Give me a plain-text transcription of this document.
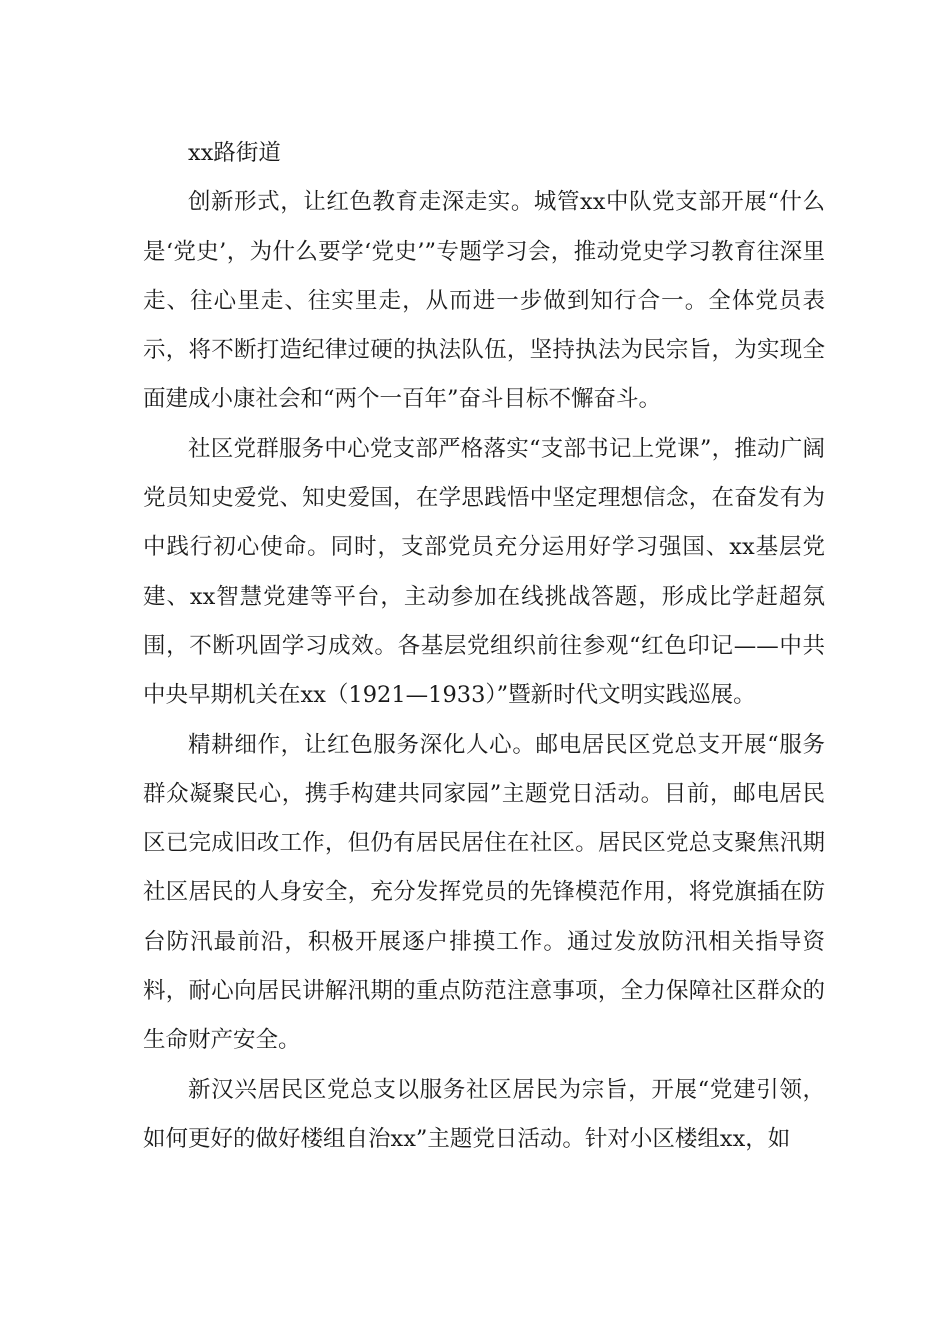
xx路街道

创新形式，让红色教育走深走实。城管xx中队党支部开展“什么是‘党史’，为什么要学‘党史’”专题学习会，推动党史学习教育往深里走、往心里走、往实里走，从而进一步做到知行合一。全体党员表示，将不断打造纪律过硬的执法队伍，坚持执法为民宗旨，为实现全面建成小康社会和“两个一百年”奋斗目标不懈奋斗。

社区党群服务中心党支部严格落实“支部书记上党课”，推动广阔党员知史爱党、知史爱国，在学思践悟中坚定理想信念，在奋发有为中践行初心使命。同时，支部党员充分运用好学习强国、xx基层党建、xx智慧党建等平台，主动参加在线挑战答题，形成比学赶超氛围，不断巩固学习成效。各基层党组织前往参观“红色印记——中共中央早期机关在xx（1921—1933）”暨新时代文明实践巡展。

精耕细作，让红色服务深化人心。邮电居民区党总支开展“服务群众凝聚民心，携手构建共同家园”主题党日活动。目前，邮电居民区已完成旧改工作，但仍有居民居住在社区。居民区党总支聚焦汛期社区居民的人身安全，充分发挥党员的先锋模范作用，将党旗插在防台防汛最前沿，积极开展逐户排摸工作。通过发放防汛相关指导资料，耐心向居民讲解汛期的重点防范注意事项，全力保障社区群众的生命财产安全。

新汉兴居民区党总支以服务社区居民为宗旨，开展“党建引领，如何更好的做好楼组自治xx”主题党日活动。针对小区楼组xx，如
